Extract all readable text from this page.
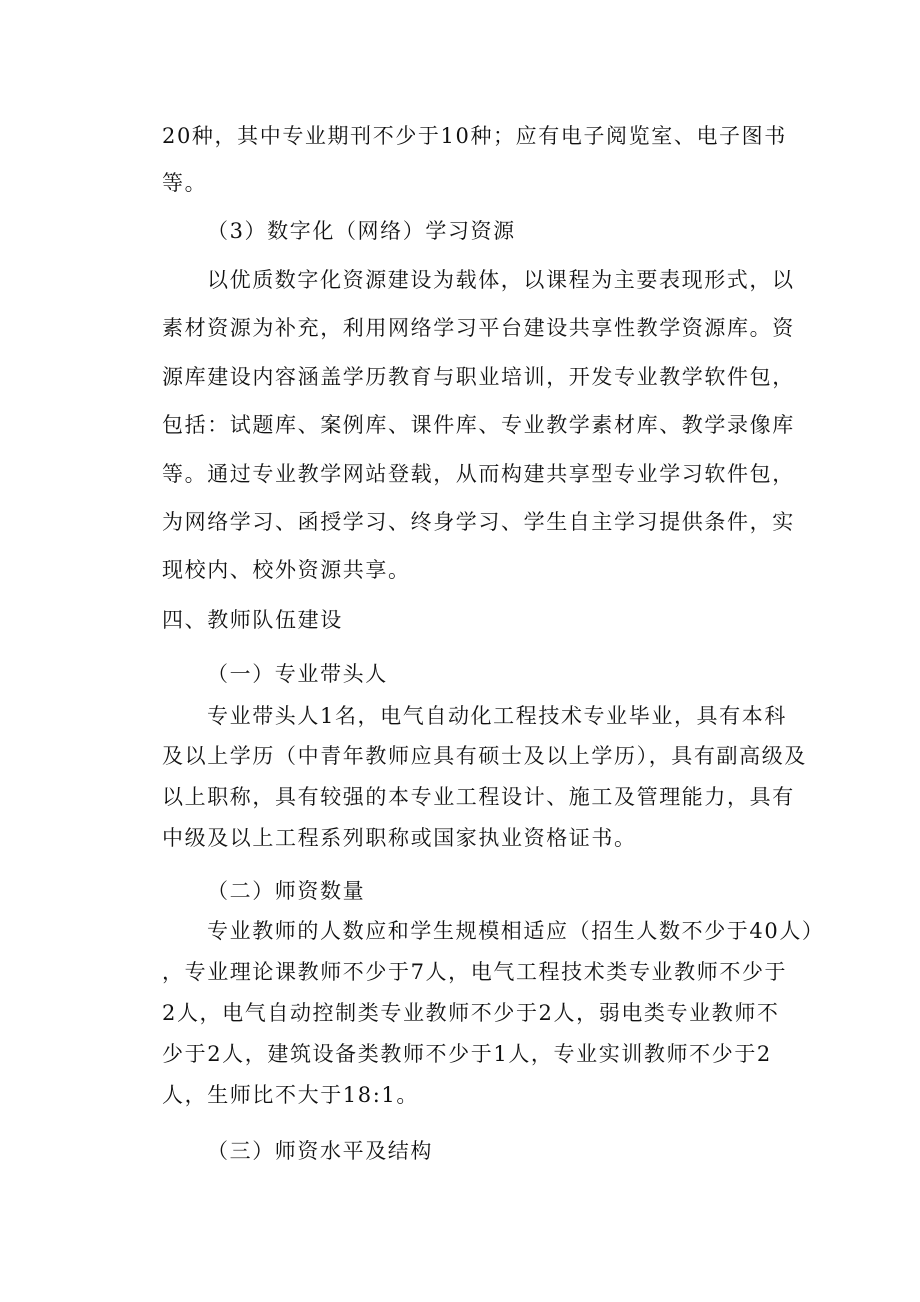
20种，其中专业期刊不少于10种；应有电子阅览室、电子图书
等。
（3）数字化（网络）学习资源
以优质数字化资源建设为载体，以课程为主要表现形式，以
素材资源为补充，利用网络学习平台建设共享性教学资源库。资
源库建设内容涵盖学历教育与职业培训，开发专业教学软件包，
包括：试题库、案例库、课件库、专业教学素材库、教学录像库
等。通过专业教学网站登载，从而构建共享型专业学习软件包，
为网络学习、函授学习、终身学习、学生自主学习提供条件，实
现校内、校外资源共享。
四、教师队伍建设
（一）专业带头人
专业带头人1名，电气自动化工程技术专业毕业，具有本科
及以上学历（中青年教师应具有硕士及以上学历），具有副高级及
以上职称，具有较强的本专业工程设计、施工及管理能力，具有
中级及以上工程系列职称或国家执业资格证书。
（二）师资数量
专业教师的人数应和学生规模相适应（招生人数不少于40人）
，专业理论课教师不少于7人，电气工程技术类专业教师不少于
2人，电气自动控制类专业教师不少于2人，弱电类专业教师不
少于2人，建筑设备类教师不少于1人，专业实训教师不少于2
人，生师比不大于18:1。
（三）师资水平及结构
